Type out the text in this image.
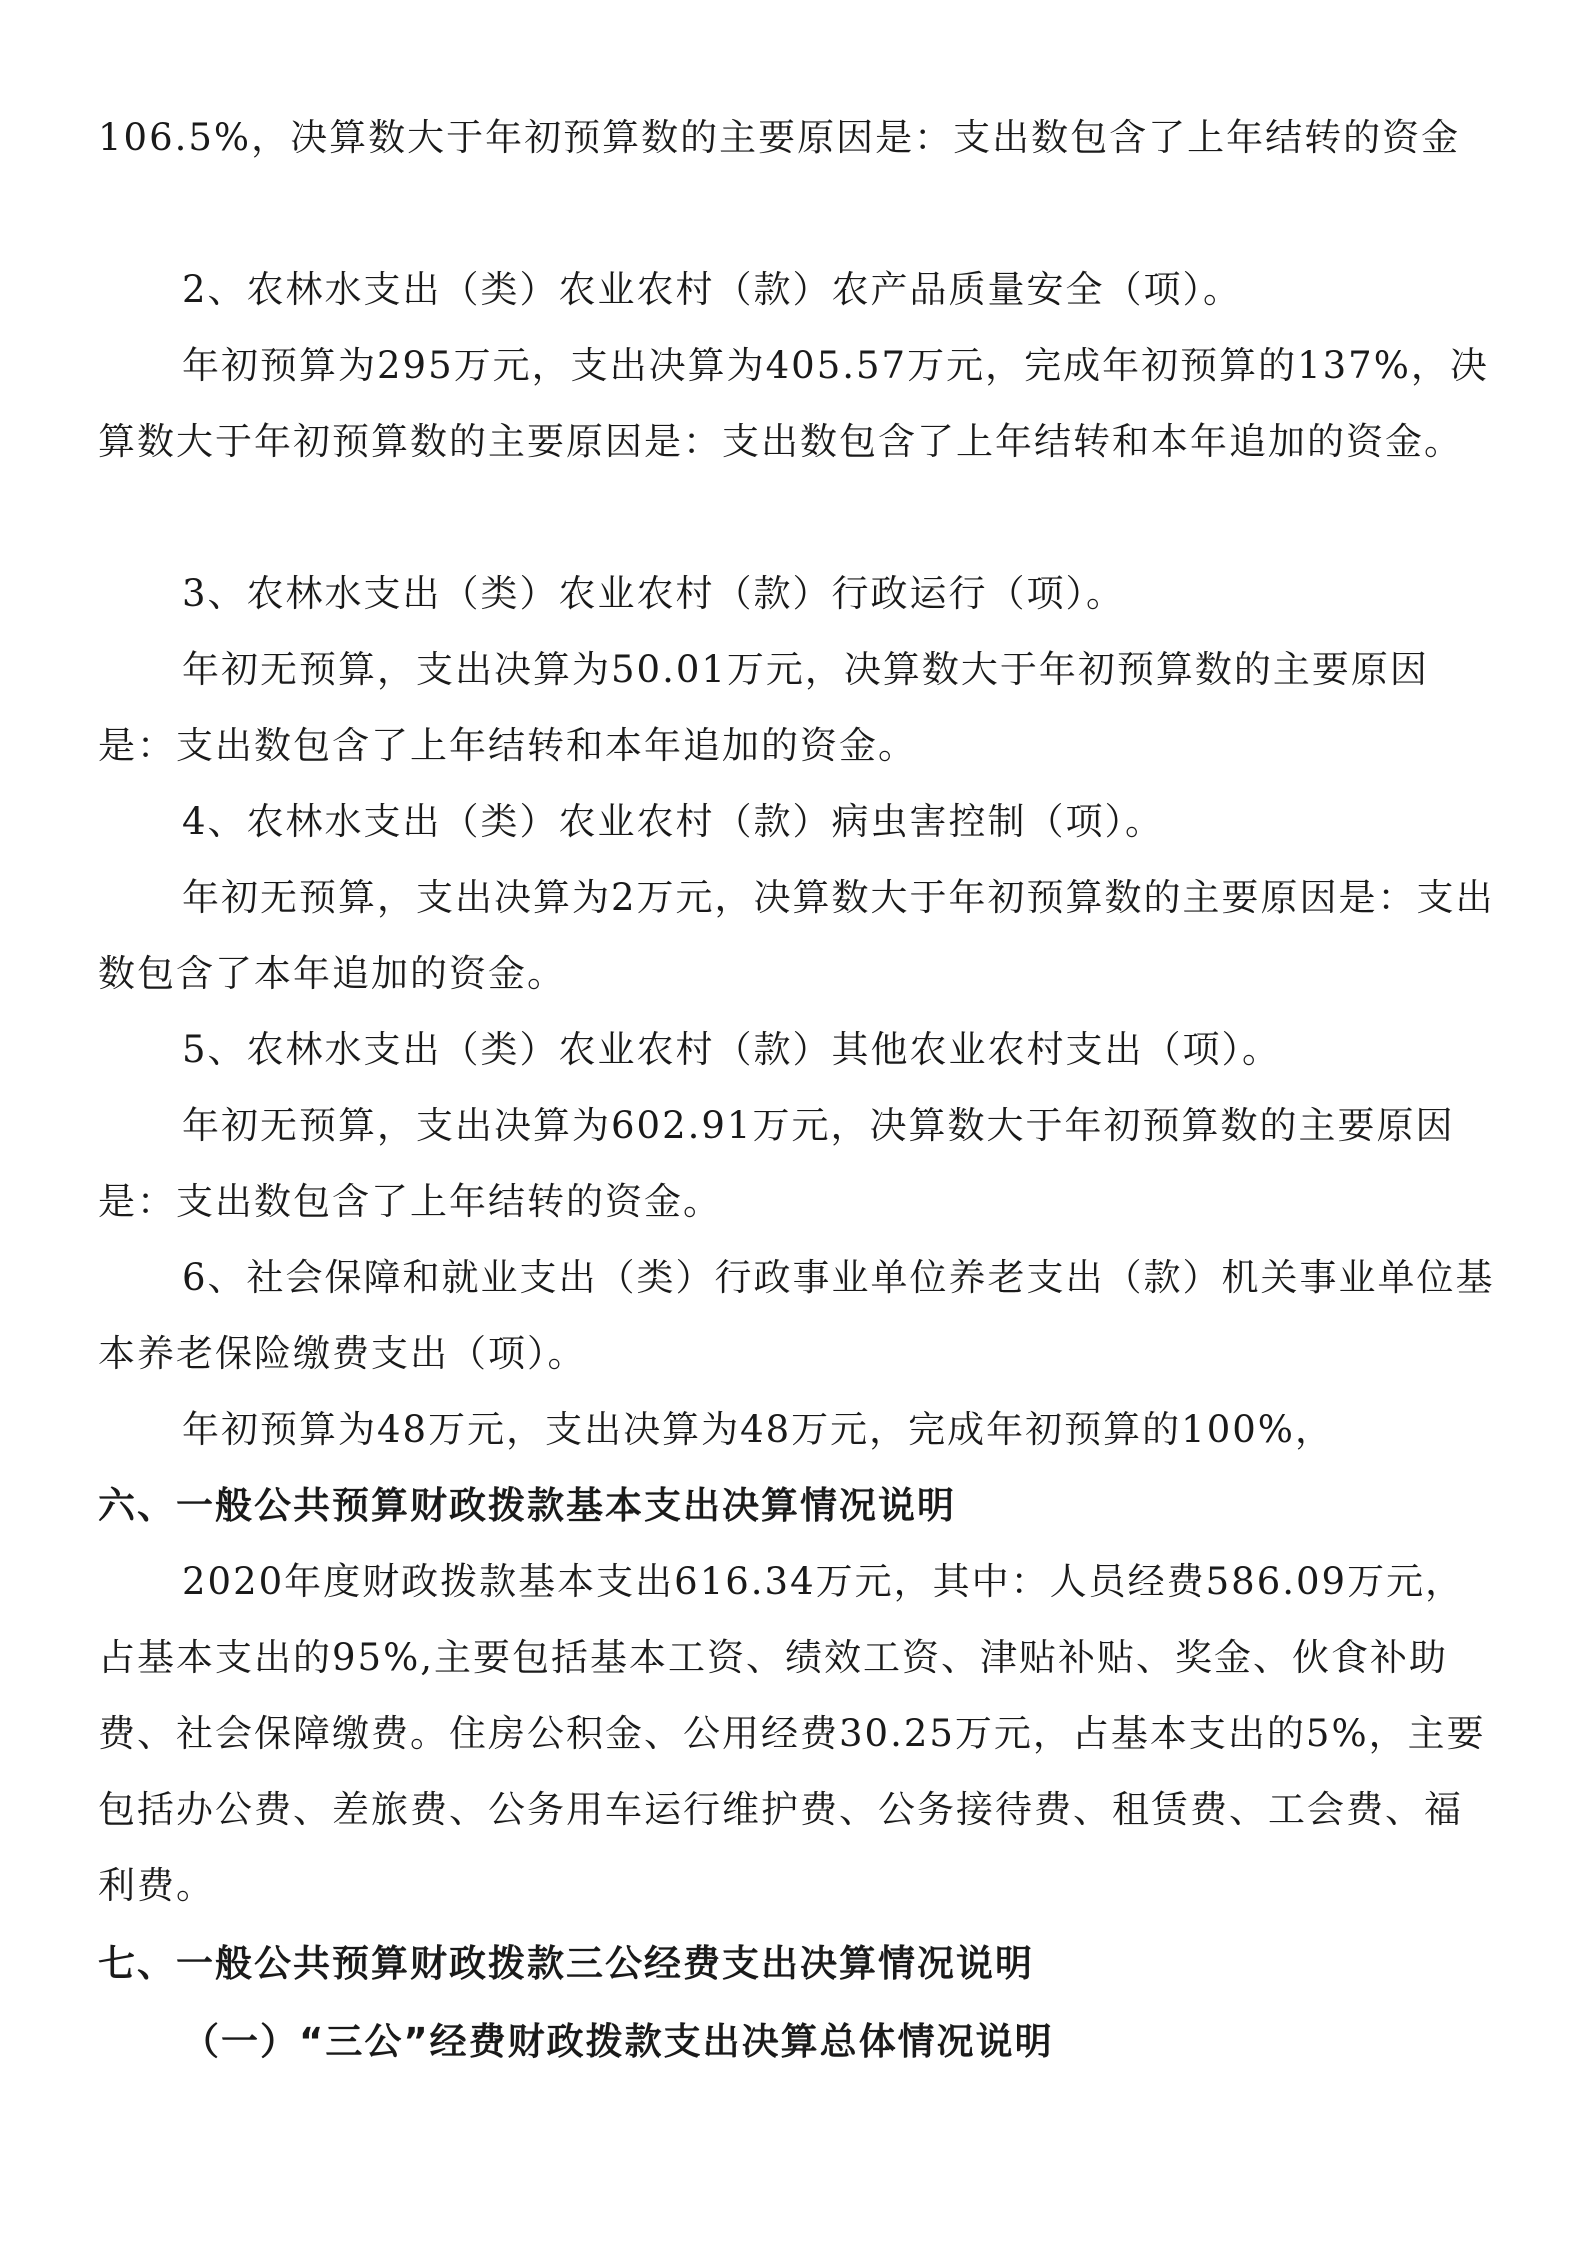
106.5%，决算数大于年初预算数的主要原因是：支出数包含了上年结转的资金

2、农林水支出（类）农业农村（款）农产品质量安全（项）。

年初预算为295万元，支出决算为405.57万元，完成年初预算的137%，决算数大于年初预算数的主要原因是：支出数包含了上年结转和本年追加的资金。

3、农林水支出（类）农业农村（款）行政运行（项）。

年初无预算，支出决算为50.01万元，决算数大于年初预算数的主要原因是：支出数包含了上年结转和本年追加的资金。

4、农林水支出（类）农业农村（款）病虫害控制（项）。

年初无预算，支出决算为2万元，决算数大于年初预算数的主要原因是：支出数包含了本年追加的资金。

5、农林水支出（类）农业农村（款）其他农业农村支出（项）。

年初无预算，支出决算为602.91万元，决算数大于年初预算数的主要原因是：支出数包含了上年结转的资金。

6、社会保障和就业支出（类）行政事业单位养老支出（款）机关事业单位基本养老保险缴费支出（项）。

年初预算为48万元，支出决算为48万元，完成年初预算的100%，

六、一般公共预算财政拨款基本支出决算情况说明

2020年度财政拨款基本支出616.34万元，其中：人员经费586.09万元，占基本支出的95%,主要包括基本工资、绩效工资、津贴补贴、奖金、伙食补助费、社会保障缴费。住房公积金、公用经费30.25万元，占基本支出的5%，主要包括办公费、差旅费、公务用车运行维护费、公务接待费、租赁费、工会费、福利费。

七、一般公共预算财政拨款三公经费支出决算情况说明
（一）“三公”经费财政拨款支出决算总体情况说明
